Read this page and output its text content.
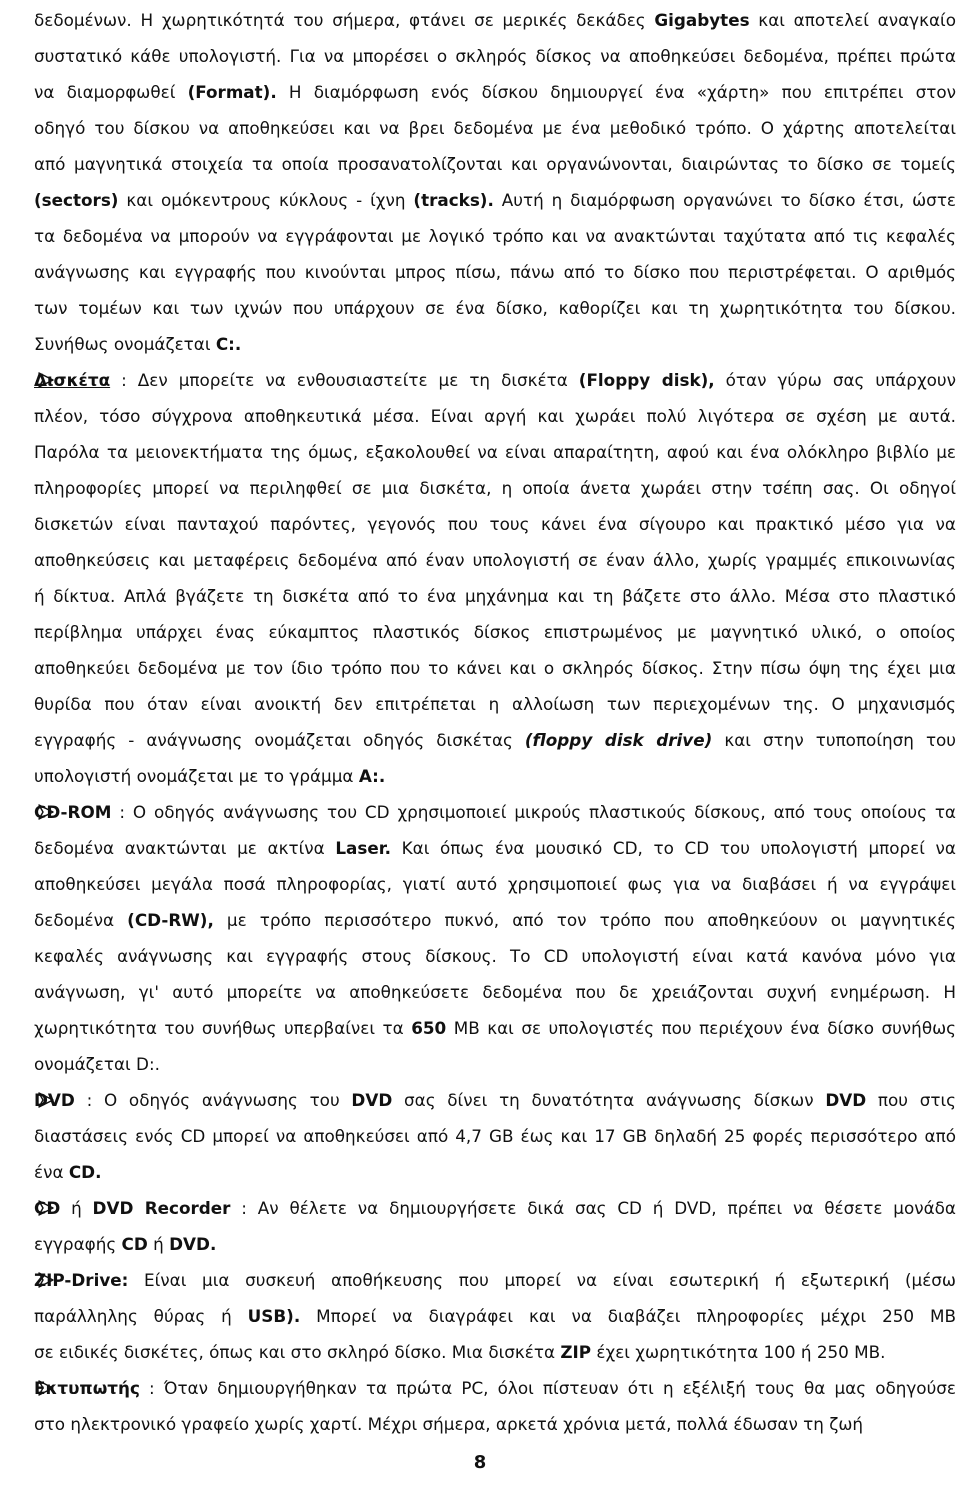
δεδομένων. Η χωρητικότητά του σήμερα, φτάνει σε μερικές δεκάδες Gigabytes και αποτελεί αναγκαίο
συστατικό κάθε υπολογιστή. Για να μπορέσει ο σκληρός δίσκος να αποθηκεύσει δεδομένα, πρέπει πρώτα
να διαμορφωθεί (Format). Η διαμόρφωση ενός δίσκου δημιουργεί ένα «χάρτη» που επιτρέπει στον
οδηγό του δίσκου να αποθηκεύσει και να βρει δεδομένα με ένα μεθοδικό τρόπο. Ο χάρτης αποτελείται
από μαγνητικά στοιχεία τα οποία προσανατολίζονται και οργανώνονται, διαιρώντας το δίσκο σε τομείς
(sectors) και ομόκεντρους κύκλους - ίχνη (tracks). Αυτή η διαμόρφωση οργανώνει το δίσκο έτσι, ώστε
τα δεδομένα να μπορούν να εγγράφονται με λογικό τρόπο και να ανακτώνται ταχύτατα από τις κεφαλές
ανάγνωσης και εγγραφής που κινούνται μπρος πίσω, πάνω από το δίσκο που περιστρέφεται. Ο αριθμός
των τομέων και των ιχνών που υπάρχουν σε ένα δίσκο, καθορίζει και τη χωρητικότητα του δίσκου.
Συνήθως ονομάζεται C:.
Δισκέτα : Δεν μπορείτε να ενθουσιαστείτε με τη δισκέτα (Floppy disk), όταν γύρω σας υπάρχουν
πλέον, τόσο σύγχρονα αποθηκευτικά μέσα. Είναι αργή και χωράει πολύ λιγότερα σε σχέση με αυτά.
Παρόλα τα μειονεκτήματα της όμως, εξακολουθεί να είναι απαραίτητη, αφού και ένα ολόκληρο βιβλίο με
πληροφορίες μπορεί να περιληφθεί σε μια δισκέτα, η οποία άνετα χωράει στην τσέπη σας. Οι οδηγοί
δισκετών είναι πανταχού παρόντες, γεγονός που τους κάνει ένα σίγουρο και πρακτικό μέσο για να
αποθηκεύσεις και μεταφέρεις δεδομένα από έναν υπολογιστή σε έναν άλλο, χωρίς γραμμές επικοινωνίας
ή δίκτυα. Απλά βγάζετε τη δισκέτα από το ένα μηχάνημα και τη βάζετε στο άλλο. Μέσα στο πλαστικό
περίβλημα υπάρχει ένας εύκαμπτος πλαστικός δίσκος επιστρωμένος με μαγνητικό υλικό, ο οποίος
αποθηκεύει δεδομένα με τον ίδιο τρόπο που το κάνει και ο σκληρός δίσκος. Στην πίσω όψη της έχει μια
θυρίδα που όταν είναι ανοικτή δεν επιτρέπεται η αλλοίωση των περιεχομένων της. Ο μηχανισμός
εγγραφής - ανάγνωσης ονομάζεται οδηγός δισκέτας (floppy disk drive) και στην τυποποίηση του
υπολογιστή ονομάζεται με το γράμμα A:.
CD-ROM : Ο οδηγός ανάγνωσης του CD χρησιμοποιεί μικρούς πλαστικούς δίσκους, από τους οποίους τα
δεδομένα ανακτώνται με ακτίνα Laser. Και όπως ένα μουσικό CD, το CD του υπολογιστή μπορεί να
αποθηκεύσει μεγάλα ποσά πληροφορίας, γιατί αυτό χρησιμοποιεί φως για να διαβάσει ή να εγγράψει
δεδομένα (CD-RW), με τρόπο περισσότερο πυκνό, από τον τρόπο που αποθηκεύουν οι μαγνητικές
κεφαλές ανάγνωσης και εγγραφής στους δίσκους. Το CD υπολογιστή είναι κατά κανόνα μόνο για
ανάγνωση, γι' αυτό μπορείτε να αποθηκεύσετε δεδομένα που δε χρειάζονται συχνή ενημέρωση. Η
χωρητικότητα του συνήθως υπερβαίνει τα 650 MB και σε υπολογιστές που περιέχουν ένα δίσκο συνήθως
ονομάζεται D:.
DVD : Ο οδηγός ανάγνωσης του DVD σας δίνει τη δυνατότητα ανάγνωσης δίσκων DVD που στις
διαστάσεις ενός CD μπορεί να αποθηκεύσει από 4,7 GB έως και 17 GB δηλαδή 25 φορές περισσότερο από
ένα CD.
CD ή DVD Recorder : Αν θέλετε να δημιουργήσετε δικά σας CD ή DVD, πρέπει να θέσετε μονάδα
εγγραφής CD ή DVD.
ZIP-Drive: Είναι μια συσκευή αποθήκευσης που μπορεί να είναι εσωτερική ή εξωτερική (μέσω
παράλληλης θύρας ή USB). Μπορεί να διαγράφει και να διαβάζει πληροφορίες μέχρι 250 MB
σε ειδικές δισκέτες, όπως και στο σκληρό δίσκο. Μια δισκέτα ZIP έχει χωρητικότητα 100 ή 250 MB.
Εκτυπωτής : Όταν δημιουργήθηκαν τα πρώτα PC, όλοι πίστευαν ότι η εξέλιξή τους θα μας οδηγούσε
στο ηλεκτρονικό γραφείο χωρίς χαρτί. Μέχρι σήμερα, αρκετά χρόνια μετά, πολλά έδωσαν τη ζωή
8
